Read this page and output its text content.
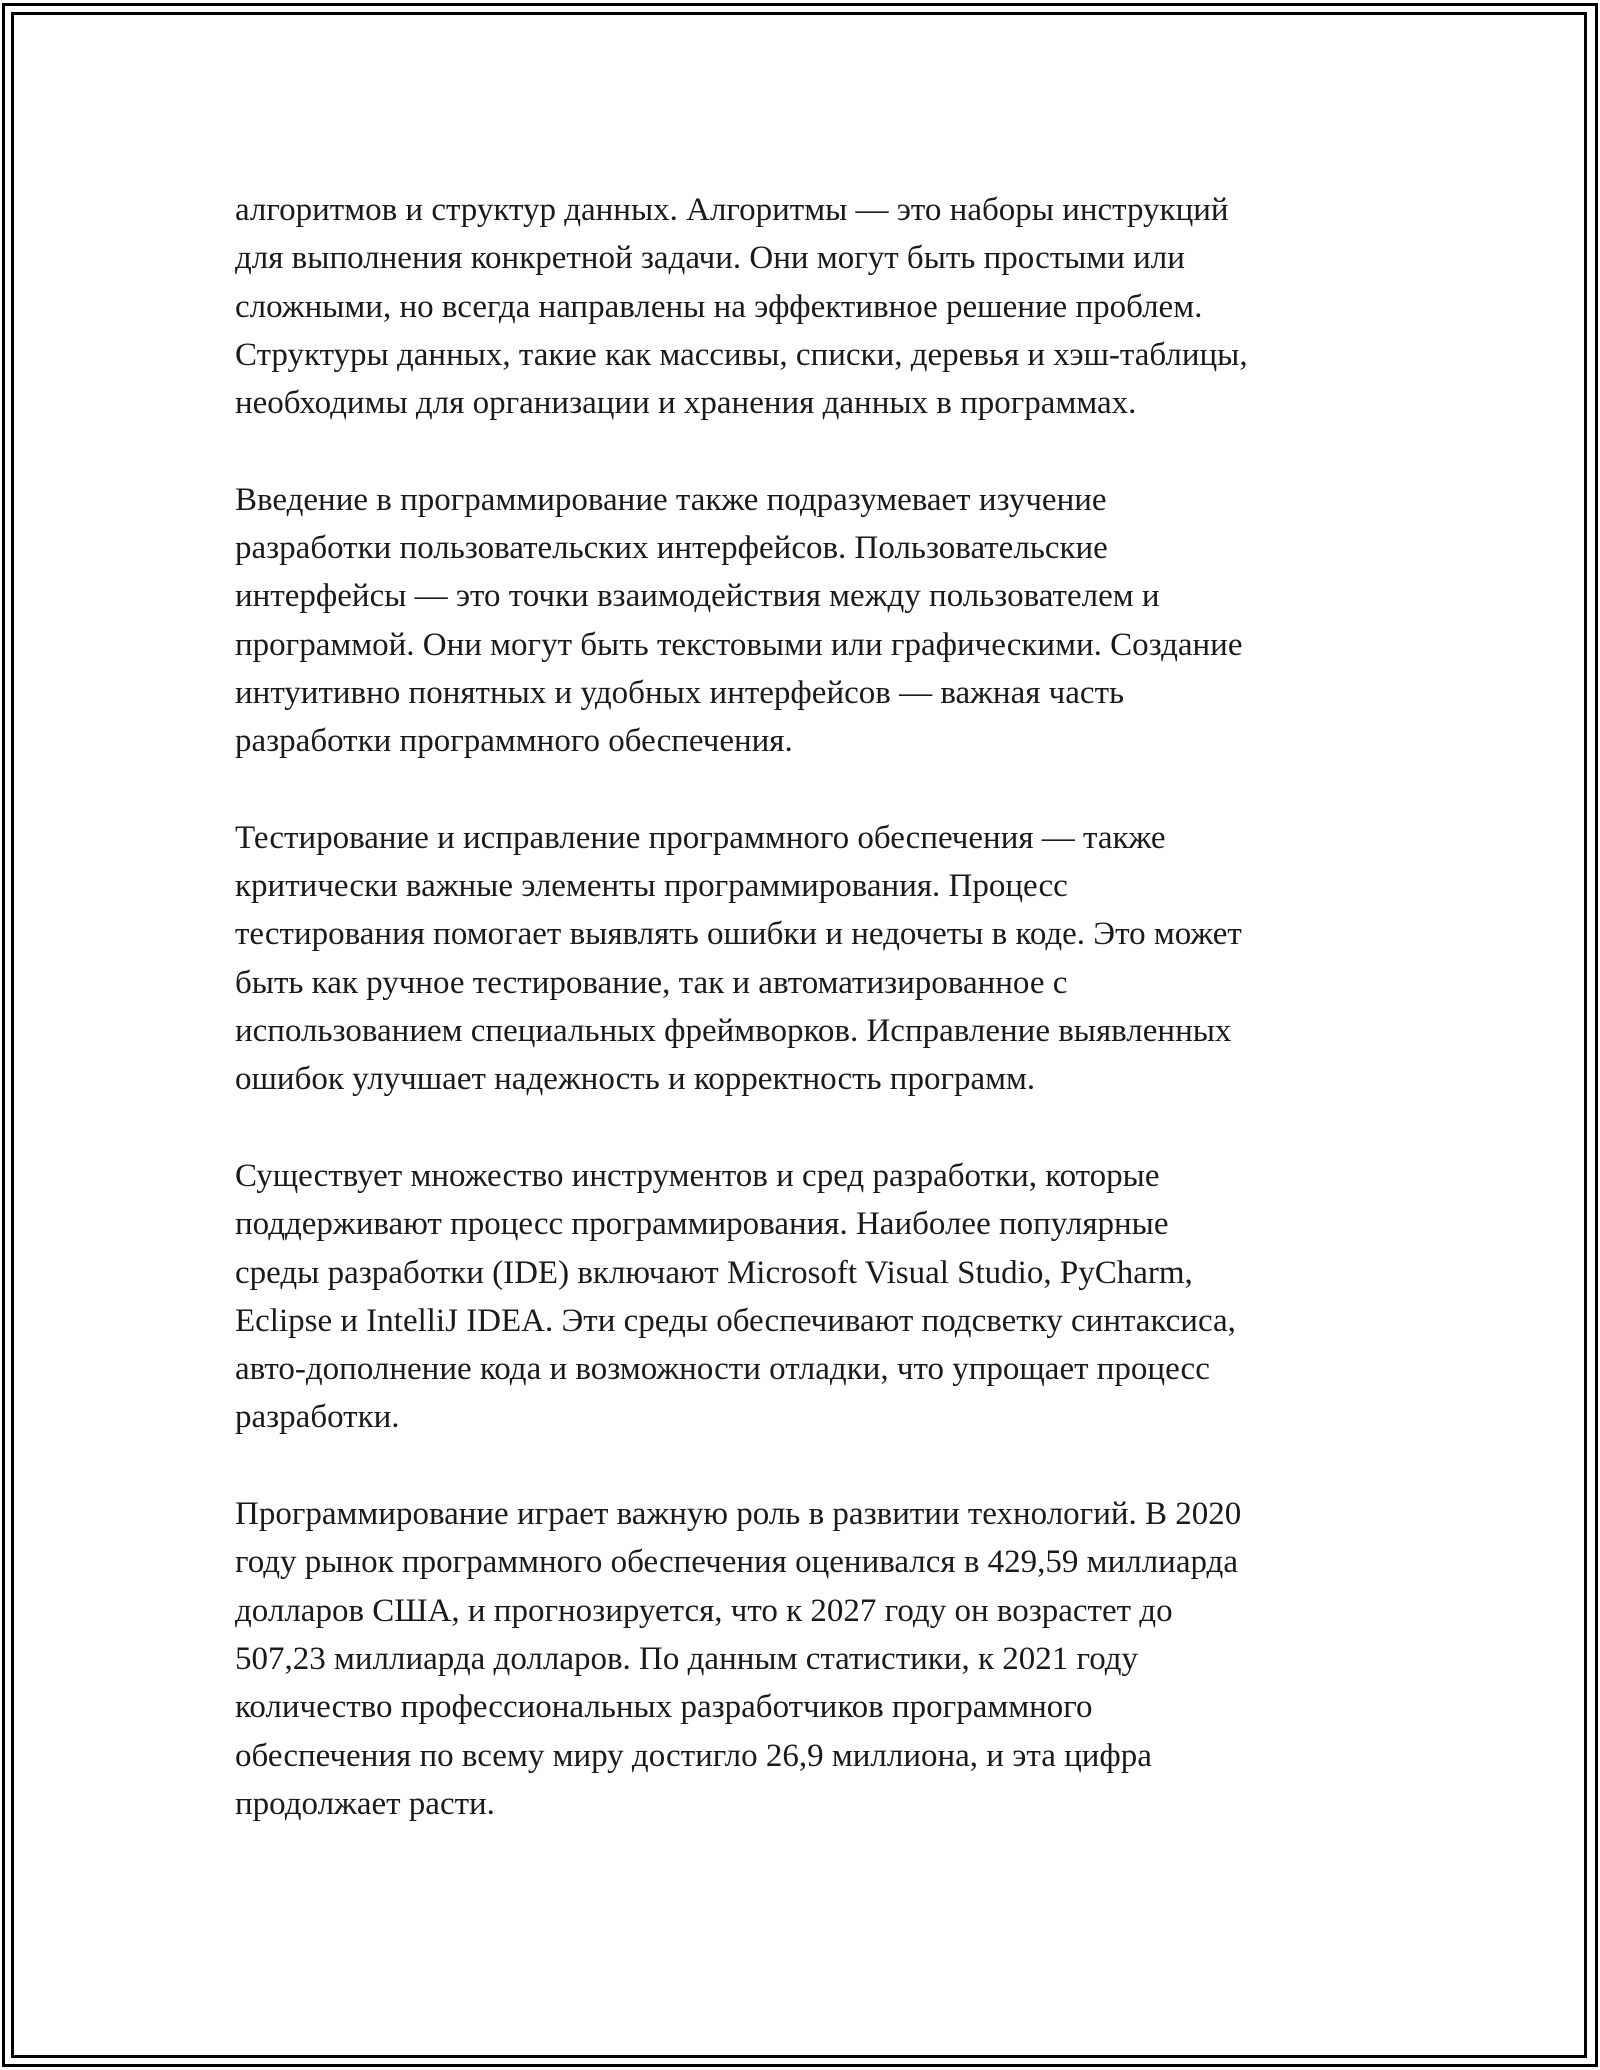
алгоритмов и структур данных. Алгоритмы — это наборы инструкций
для выполнения конкретной задачи. Они могут быть простыми или
сложными, но всегда направлены на эффективное решение проблем.
Структуры данных, такие как массивы, списки, деревья и хэш-таблицы,
необходимы для организации и хранения данных в программах.

Введение в программирование также подразумевает изучение
разработки пользовательских интерфейсов. Пользовательские
интерфейсы — это точки взаимодействия между пользователем и
программой. Они могут быть текстовыми или графическими. Создание
интуитивно понятных и удобных интерфейсов — важная часть
разработки программного обеспечения.

Тестирование и исправление программного обеспечения — также
критически важные элементы программирования. Процесс
тестирования помогает выявлять ошибки и недочеты в коде. Это может
быть как ручное тестирование, так и автоматизированное с
использованием специальных фреймворков. Исправление выявленных
ошибок улучшает надежность и корректность программ.

Существует множество инструментов и сред разработки, которые
поддерживают процесс программирования. Наиболее популярные
среды разработки (IDE) включают Microsoft Visual Studio, PyCharm,
Eclipse и IntelliJ IDEA. Эти среды обеспечивают подсветку синтаксиса,
авто-дополнение кода и возможности отладки, что упрощает процесс
разработки.

Программирование играет важную роль в развитии технологий. В 2020
году рынок программного обеспечения оценивался в 429,59 миллиарда
долларов США, и прогнозируется, что к 2027 году он возрастет до
507,23 миллиарда долларов. По данным статистики, к 2021 году
количество профессиональных разработчиков программного
обеспечения по всему миру достигло 26,9 миллиона, и эта цифра
продолжает расти.
